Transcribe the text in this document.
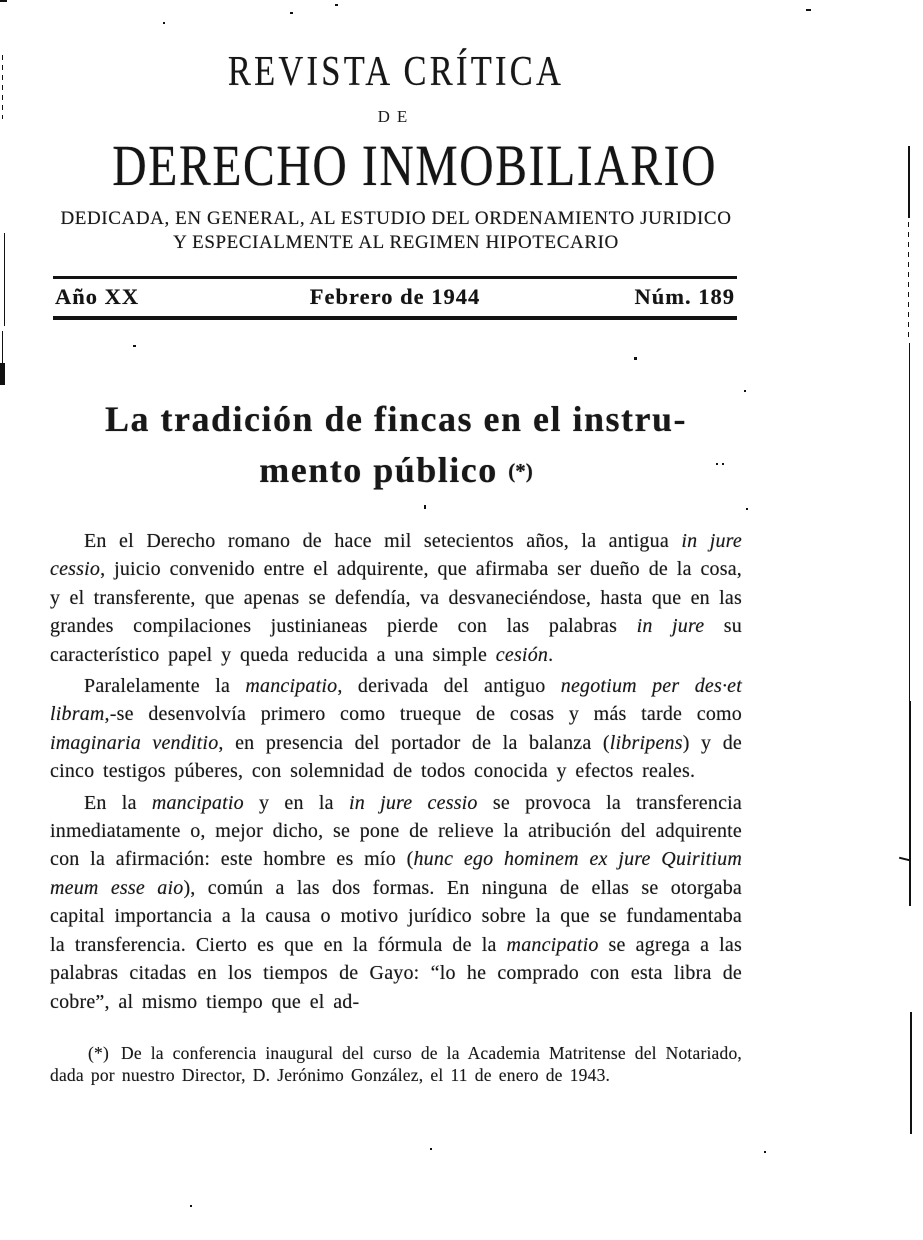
REVISTA CRÍTICA
DE
DERECHO INMOBILIARIO
DEDICADA, EN GENERAL, AL ESTUDIO DEL ORDENAMIENTO JURIDICO
Y ESPECIALMENTE AL REGIMEN HIPOTECARIO
Año XX	Febrero de 1944	Núm. 189
La tradición de fincas en el instru-
mento público (*)

En el Derecho romano de hace mil setecientos años, la antigua in jure cessio, juicio convenido entre el adquirente, que afirmaba ser dueño de la cosa, y el transferente, que apenas se defendía, va desvaneciéndose, hasta que en las grandes compilaciones justinianeas pierde con las palabras in jure su característico papel y queda reducida a una simple cesión.

Paralelamente la mancipatio, derivada del antiguo negotium per des·et libram,-se desenvolvía primero como trueque de cosas y más tarde como imaginaria venditio, en presencia del portador de la balanza (libripens) y de cinco testigos púberes, con solemnidad de todos conocida y efectos reales.

En la mancipatio y en la in jure cessio se provoca la transferencia inmediatamente o, mejor dicho, se pone de relieve la atribución del adquirente con la afirmación: este hombre es mío (hunc ego hominem ex jure Quiritium meum esse aio), común a las dos formas. En ninguna de ellas se otorgaba capital importancia a la causa o motivo jurídico sobre la que se fundamentaba la transferencia. Cierto es que en la fórmula de la mancipatio se agrega a las palabras citadas en los tiempos de Gayo: “lo he comprado con esta libra de cobre”, al mismo tiempo que el ad-

(*) De la conferencia inaugural del curso de la Academia Matritense del Notariado, dada por nuestro Director, D. Jerónimo González, el 11 de enero de 1943.
